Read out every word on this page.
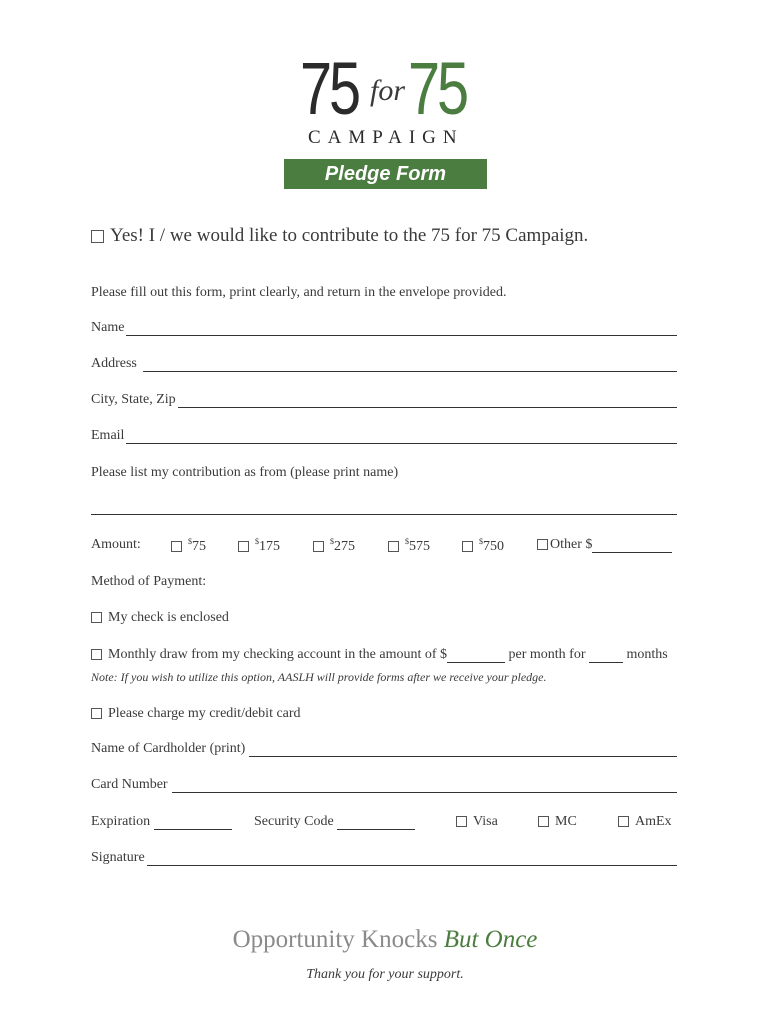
75 for 75
CAMPAIGN
Pledge Form
Yes! I / we would like to contribute to the 75 for 75 Campaign.
Please fill out this form, print clearly, and return in the envelope provided.
Name
Address
City, State, Zip
Email
Please list my contribution as from (please print name)
Amount:	$75	$175	$275	$575	$750	Other $
Method of Payment:
My check is enclosed
Monthly draw from my checking account in the amount of $	per month for	months
Note: If you wish to utilize this option, AASLH will provide forms after we receive your pledge.
Please charge my credit/debit card
Name of Cardholder (print)
Card Number
Expiration	Security Code	Visa	MC	AmEx
Signature
Opportunity Knocks But Once
Thank you for your support.
